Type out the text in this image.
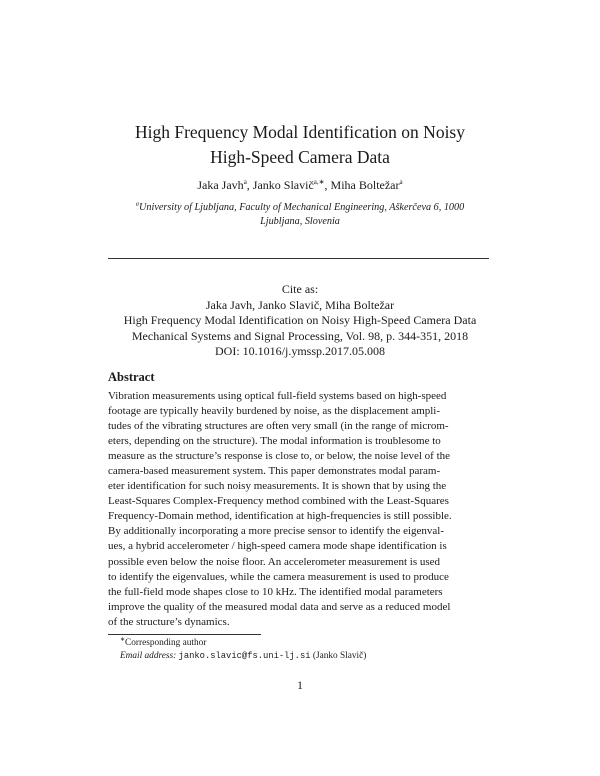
High Frequency Modal Identification on Noisy
High-Speed Camera Data
Jaka Javh$^a$, Janko Slavič$^{a,∗}$, Miha Boltežar$^a$
$^a$University of Ljubljana, Faculty of Mechanical Engineering, Aškerčeva 6, 1000
Ljubljana, Slovenia
Cite as:
Jaka Javh, Janko Slavič, Miha Boltežar
High Frequency Modal Identification on Noisy High-Speed Camera Data
Mechanical Systems and Signal Processing, Vol. 98, p. 344-351, 2018
DOI: 10.1016/j.ymssp.2017.05.008
Abstract
Vibration measurements using optical full-field systems based on high-speed
footage are typically heavily burdened by noise, as the displacement ampli-
tudes of the vibrating structures are often very small (in the range of microm-
eters, depending on the structure). The modal information is troublesome to
measure as the structure’s response is close to, or below, the noise level of the
camera-based measurement system. This paper demonstrates modal param-
eter identification for such noisy measurements. It is shown that by using the
Least-Squares Complex-Frequency method combined with the Least-Squares
Frequency-Domain method, identification at high-frequencies is still possible.
By additionally incorporating a more precise sensor to identify the eigenval-
ues, a hybrid accelerometer / high-speed camera mode shape identification is
possible even below the noise floor. An accelerometer measurement is used
to identify the eigenvalues, while the camera measurement is used to produce
the full-field mode shapes close to 10 kHz. The identified modal parameters
improve the quality of the measured modal data and serve as a reduced model
of the structure’s dynamics.
∗Corresponding author
Email address: janko.slavic@fs.uni-lj.si (Janko Slavič)
1
